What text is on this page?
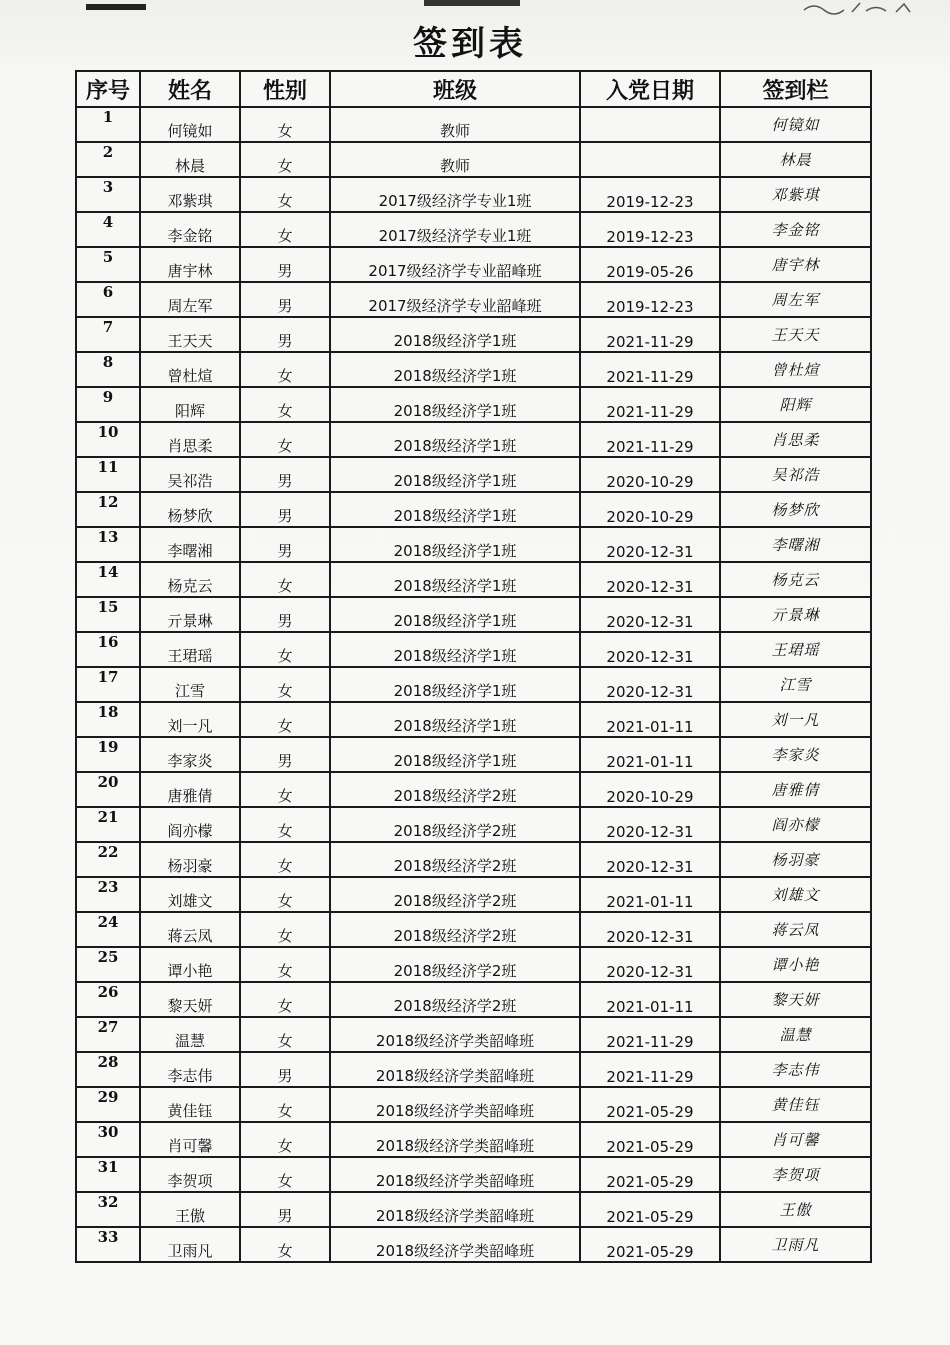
签到表
序号	姓名	性别	班级	入党日期	签到栏
1	何镜如	女	教师		何镜如
2	林晨	女	教师		林晨
3	邓紫琪	女	2017级经济学专业1班	2019-12-23	邓紫琪
4	李金铭	女	2017级经济学专业1班	2019-12-23	李金铭
5	唐宇林	男	2017级经济学专业韶峰班	2019-05-26	唐宇林
6	周左军	男	2017级经济学专业韶峰班	2019-12-23	周左军
7	王天天	男	2018级经济学1班	2021-11-29	王天天
8	曾杜煊	女	2018级经济学1班	2021-11-29	曾杜煊
9	阳辉	女	2018级经济学1班	2021-11-29	阳辉
10	肖思柔	女	2018级经济学1班	2021-11-29	肖思柔
11	吴祁浩	男	2018级经济学1班	2020-10-29	吴祁浩
12	杨梦欣	男	2018级经济学1班	2020-10-29	杨梦欣
13	李曙湘	男	2018级经济学1班	2020-12-31	李曙湘
14	杨克云	女	2018级经济学1班	2020-12-31	杨克云
15	亓景琳	男	2018级经济学1班	2020-12-31	亓景琳
16	王珺瑶	女	2018级经济学1班	2020-12-31	王珺瑶
17	江雪	女	2018级经济学1班	2020-12-31	江雪
18	刘一凡	女	2018级经济学1班	2021-01-11	刘一凡
19	李家炎	男	2018级经济学1班	2021-01-11	李家炎
20	唐雅倩	女	2018级经济学2班	2020-10-29	唐雅倩
21	阎亦檬	女	2018级经济学2班	2020-12-31	阎亦檬
22	杨羽豪	女	2018级经济学2班	2020-12-31	杨羽豪
23	刘雄文	女	2018级经济学2班	2021-01-11	刘雄文
24	蒋云凤	女	2018级经济学2班	2020-12-31	蒋云凤
25	谭小艳	女	2018级经济学2班	2020-12-31	谭小艳
26	黎天妍	女	2018级经济学2班	2021-01-11	黎天妍
27	温慧	女	2018级经济学类韶峰班	2021-11-29	温慧
28	李志伟	男	2018级经济学类韶峰班	2021-11-29	李志伟
29	黄佳钰	女	2018级经济学类韶峰班	2021-05-29	黄佳钰
30	肖可馨	女	2018级经济学类韶峰班	2021-05-29	肖可馨
31	李贺项	女	2018级经济学类韶峰班	2021-05-29	李贺项
32	王傲	男	2018级经济学类韶峰班	2021-05-29	王傲
33	卫雨凡	女	2018级经济学类韶峰班	2021-05-29	卫雨凡
